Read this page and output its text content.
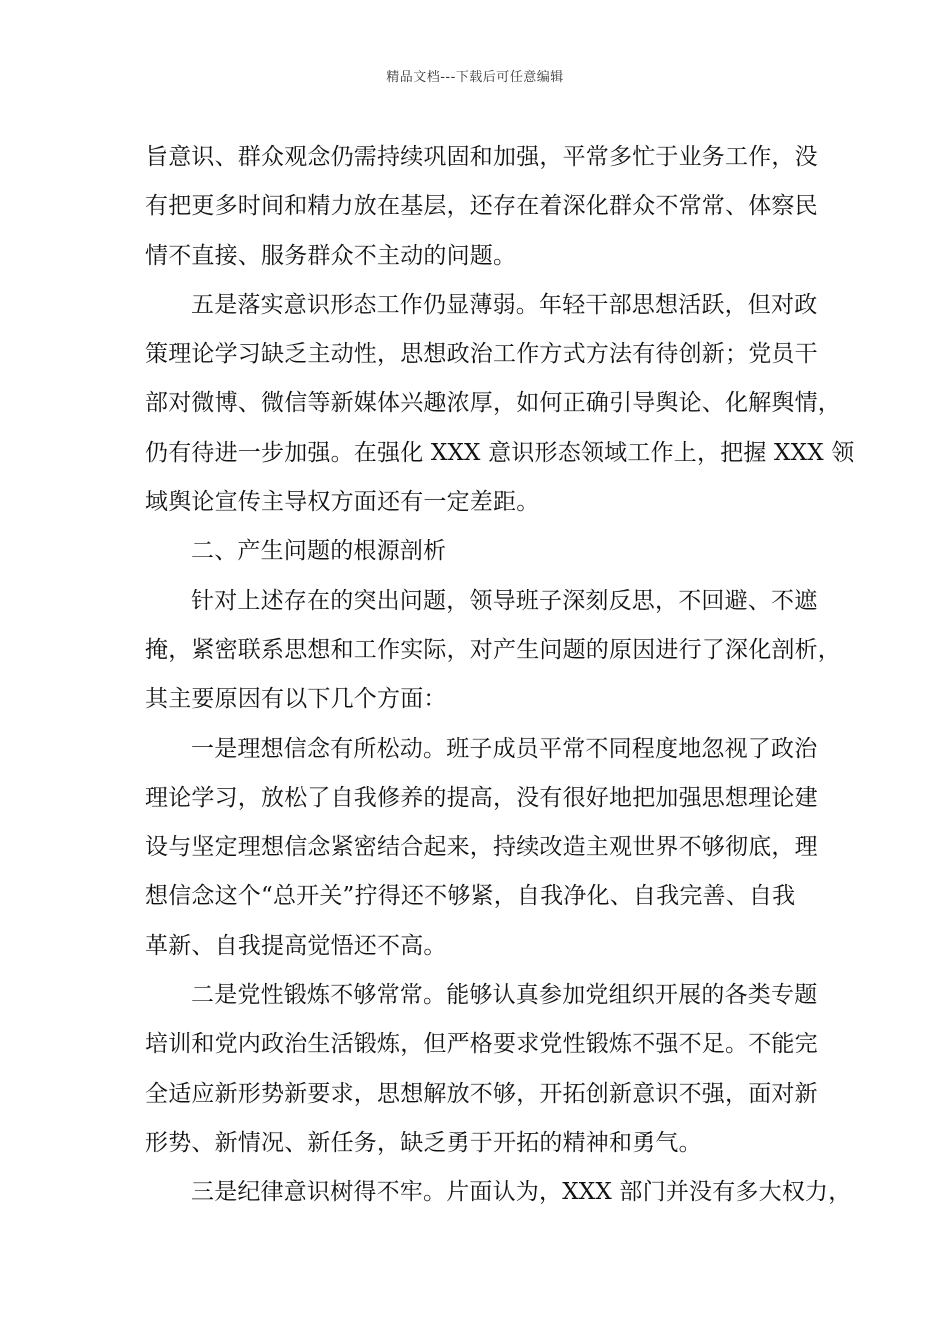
精品文档---下载后可任意编辑
旨意识、群众观念仍需持续巩固和加强，平常多忙于业务工作，没
有把更多时间和精力放在基层，还存在着深化群众不常常、体察民
情不直接、服务群众不主动的问题。
五是落实意识形态工作仍显薄弱。年轻干部思想活跃，但对政
策理论学习缺乏主动性，思想政治工作方式方法有待创新；党员干
部对微博、微信等新媒体兴趣浓厚，如何正确引导舆论、化解舆情，
仍有待进一步加强。在强化 XXX 意识形态领域工作上，把握 XXX 领
域舆论宣传主导权方面还有一定差距。
二、产生问题的根源剖析
针对上述存在的突出问题，领导班子深刻反思，不回避、不遮
掩，紧密联系思想和工作实际，对产生问题的原因进行了深化剖析，
其主要原因有以下几个方面：
一是理想信念有所松动。班子成员平常不同程度地忽视了政治
理论学习，放松了自我修养的提高，没有很好地把加强思想理论建
设与坚定理想信念紧密结合起来，持续改造主观世界不够彻底，理
想信念这个“总开关”拧得还不够紧，自我净化、自我完善、自我
革新、自我提高觉悟还不高。
二是党性锻炼不够常常。能够认真参加党组织开展的各类专题
培训和党内政治生活锻炼，但严格要求党性锻炼不强不足。不能完
全适应新形势新要求，思想解放不够，开拓创新意识不强，面对新
形势、新情况、新任务，缺乏勇于开拓的精神和勇气。
三是纪律意识树得不牢。片面认为，XXX 部门并没有多大权力，
